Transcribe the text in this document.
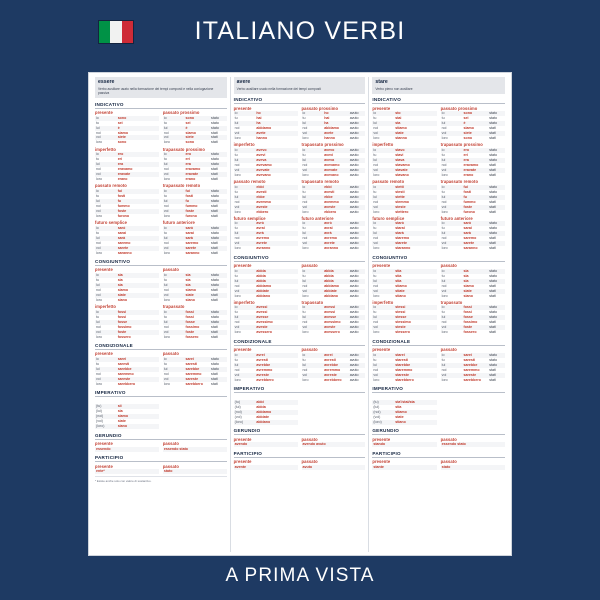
ITALIANO VERBI
essere
Verbo ausiliare usato nella formazione dei tempi composti e nella coniugazione passiva
INDICATIVO
presente
io	sono
tu	sei
lui	è
noi	siamo
voi	siete
loro	sono
passato prossimo
io	sono	stato
tu	sei	stato
lui	è	stato
noi	siamo	stati
voi	siete	stati
loro	sono	stati
imperfetto
io	ero
tu	eri
lui	era
noi	eravamo
voi	eravate
loro	erano
trapassato prossimo
io	ero	stato
tu	eri	stato
lui	era	stato
noi	eravamo	stati
voi	eravate	stati
loro	erano	stati
passato remoto
io	fui
tu	fosti
lui	fu
noi	fummo
voi	foste
loro	furono
trapassato remoto
io	fui	stato
tu	fosti	stato
lui	fu	stato
noi	fummo	stati
voi	foste	stati
loro	furono	stati
futuro semplice
io	sarò
tu	sarai
lui	sarà
noi	saremo
voi	sarete
loro	saranno
futuro anteriore
io	sarò	stato
tu	sarai	stato
lui	sarà	stato
noi	saremo	stati
voi	sarete	stati
loro	saranno	stati
CONGIUNTIVO
presente
io	sia
tu	sia
lui	sia
noi	siamo
voi	siate
loro	siano
passato
io	sia	stato
tu	sia	stato
lui	sia	stato
noi	siamo	stati
voi	siate	stati
loro	siano	stati
imperfetto
io	fossi
tu	fossi
lui	fosse
noi	fossimo
voi	foste
loro	fossero
trapassato
io	fossi	stato
tu	fossi	stato
lui	fosse	stato
noi	fossimo	stati
voi	foste	stati
loro	fossero	stati
CONDIZIONALE
presente
io	sarei
tu	saresti
lui	sarebbe
noi	saremmo
voi	sareste
loro	sarebbero
passato
io	sarei	stato
tu	saresti	stato
lui	sarebbe	stato
noi	saremmo	stati
voi	sareste	stati
loro	sarebbero	stati
IMPERATIVO

(tu)	sii
(lui)	sia
(noi)	siamo
(voi)	siate
(loro)	siano
GERUNDIO
presente
essendo
passato
essendo stato
PARTICIPIO
presente
ente*
passato
stato
* Esiste anche solo con valore di sostantivo.
avere
Verbo ausiliare usato nella formazione dei tempi composti
INDICATIVO
presente
io	ho
tu	hai
lui	ha
noi	abbiamo
voi	avete
loro	hanno
passato prossimo
io	ho	avuto
tu	hai	avuto
lui	ha	avuto
noi	abbiamo	avuto
voi	avete	avuto
loro	hanno	avuto
imperfetto
io	avevo
tu	avevi
lui	aveva
noi	avevamo
voi	avevate
loro	avevano
trapassato prossimo
io	avevo	avuto
tu	avevi	avuto
lui	aveva	avuto
noi	avevamo	avuto
voi	avevate	avuto
loro	avevano	avuto
passato remoto
io	ebbi
tu	avesti
lui	ebbe
noi	avemmo
voi	aveste
loro	ebbero
trapassato remoto
io	ebbi	avuto
tu	avesti	avuto
lui	ebbe	avuto
noi	avemmo	avuto
voi	aveste	avuto
loro	ebbero	avuto
futuro semplice
io	avrò
tu	avrai
lui	avrà
noi	avremo
voi	avrete
loro	avranno
futuro anteriore
io	avrò	avuto
tu	avrai	avuto
lui	avrà	avuto
noi	avremo	avuto
voi	avrete	avuto
loro	avranno	avuto
CONGIUNTIVO
presente
io	abbia
tu	abbia
lui	abbia
noi	abbiamo
voi	abbiate
loro	abbiano
passato
io	abbia	avuto
tu	abbia	avuto
lui	abbia	avuto
noi	abbiamo	avuto
voi	abbiate	avuto
loro	abbiano	avuto
imperfetto
io	avessi
tu	avessi
lui	avesse
noi	avessimo
voi	aveste
loro	avessero
trapassato
io	avessi	avuto
tu	avessi	avuto
lui	avesse	avuto
noi	avessimo	avuto
voi	aveste	avuto
loro	avessero	avuto
CONDIZIONALE
presente
io	avrei
tu	avresti
lui	avrebbe
noi	avremmo
voi	avreste
loro	avrebbero
passato
io	avrei	avuto
tu	avresti	avuto
lui	avrebbe	avuto
noi	avremmo	avuto
voi	avreste	avuto
loro	avrebbero	avuto
IMPERATIVO

(tu)	abbi
(lui)	abbia
(noi)	abbiamo
(voi)	abbiate
(loro)	abbiano
GERUNDIO
presente
avendo
passato
avendo avuto
PARTICIPIO
presente
avente
passato
avuto
stare
Verbo pieno non ausiliare
INDICATIVO
presente
io	sto
tu	stai
lui	sta
noi	stiamo
voi	state
loro	stanno
passato prossimo
io	sono	stato
tu	sei	stato
lui	è	stato
noi	siamo	stati
voi	siete	stati
loro	sono	stati
imperfetto
io	stavo
tu	stavi
lui	stava
noi	stavamo
voi	stavate
loro	stavano
trapassato prossimo
io	ero	stato
tu	eri	stato
lui	era	stato
noi	eravamo	stati
voi	eravate	stati
loro	erano	stati
passato remoto
io	stetti
tu	stesti
lui	stette
noi	stemmo
voi	steste
loro	stettero
trapassato remoto
io	fui	stato
tu	fosti	stato
lui	fu	stato
noi	fummo	stati
voi	foste	stati
loro	furono	stati
futuro semplice
io	starò
tu	starai
lui	starà
noi	staremo
voi	starete
loro	staranno
futuro anteriore
io	sarò	stato
tu	sarai	stato
lui	sarà	stato
noi	saremo	stati
voi	sarete	stati
loro	saranno	stati
CONGIUNTIVO
presente
io	stia
tu	stia
lui	stia
noi	stiamo
voi	stiate
loro	stiano
passato
io	sia	stato
tu	sia	stato
lui	sia	stato
noi	siamo	stati
voi	siate	stati
loro	siano	stati
imperfetto
io	stessi
tu	stessi
lui	stesse
noi	stessimo
voi	steste
loro	stessero
trapassato
io	fossi	stato
tu	fossi	stato
lui	fosse	stato
noi	fossimo	stati
voi	foste	stati
loro	fossero	stati
CONDIZIONALE
presente
io	starei
tu	staresti
lui	starebbe
noi	staremmo
voi	stareste
loro	starebbero
passato
io	sarei	stato
tu	saresti	stato
lui	sarebbe	stato
noi	saremmo	stati
voi	sareste	stati
loro	sarebbero	stati
IMPERATIVO

(tu)	sta'/stai/sta
(lui)	stia
(noi)	stiamo
(voi)	state
(loro)	stiano
GERUNDIO
presente
stando
passato
essendo stato
PARTICIPIO
presente
stante
passato
stato
A PRIMA VISTA
